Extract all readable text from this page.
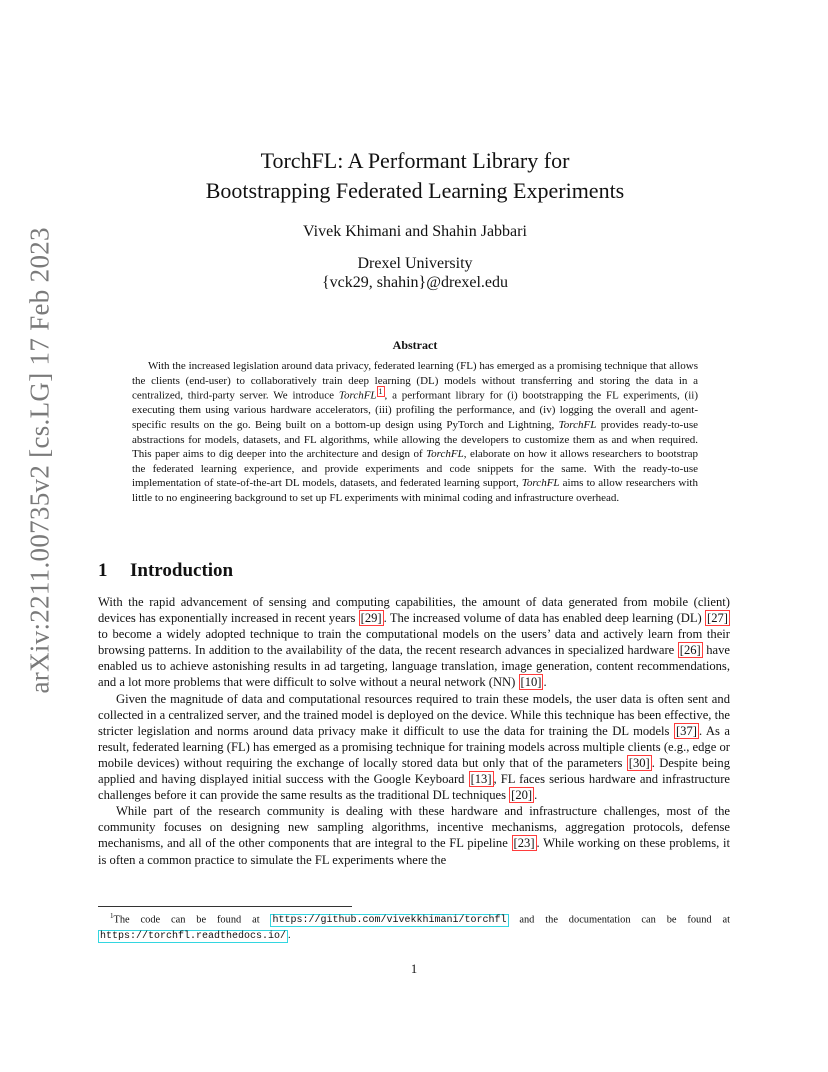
arXiv:2211.00735v2 [cs.LG] 17 Feb 2023
TorchFL: A Performant Library for
Bootstrapping Federated Learning Experiments
Vivek Khimani and Shahin Jabbari
Drexel University
{vck29, shahin}@drexel.edu
Abstract

With the increased legislation around data privacy, federated learning (FL) has emerged as a promising technique that allows the clients (end-user) to collaboratively train deep learning (DL) models without transferring and storing the data in a centralized, third-party server. We introduce TorchFL $^1$ , a performant library for (i) bootstrapping the FL experiments, (ii) executing them using various hardware accelerators, (iii) profiling the performance, and (iv) logging the overall and agent-specific results on the go. Being built on a bottom-up design using PyTorch and Lightning, TorchFL provides ready-to-use abstractions for models, datasets, and FL algorithms, while allowing the developers to customize them as and when required. This paper aims to dig deeper into the architecture and design of TorchFL, elaborate on how it allows researchers to bootstrap the federated learning experience, and provide experiments and code snippets for the same. With the ready-to-use implementation of state-of-the-art DL models, datasets, and federated learning support, TorchFL aims to allow researchers with little to no engineering background to set up FL experiments with minimal coding and infrastructure overhead.

1 Introduction

With the rapid advancement of sensing and computing capabilities, the amount of data generated from mobile (client) devices has exponentially increased in recent years [29] . The increased volume of data has enabled deep learning (DL) [27] to become a widely adopted technique to train the computational models on the users’ data and actively learn from their browsing patterns. In addition to the availability of the data, the recent research advances in specialized hardware [26] have enabled us to achieve astonishing results in ad targeting, language translation, image generation, content recommendations, and a lot more problems that were difficult to solve without a neural network (NN) [10] .

Given the magnitude of data and computational resources required to train these models, the user data is often sent and collected in a centralized server, and the trained model is deployed on the device. While this technique has been effective, the stricter legislation and norms around data privacy make it difficult to use the data for training the DL models [37] . As a result, federated learning (FL) has emerged as a promising technique for training models across multiple clients (e.g., edge or mobile devices) without requiring the exchange of locally stored data but only that of the parameters [30] . Despite being applied and having displayed initial success with the Google Keyboard [13] , FL faces serious hardware and infrastructure challenges before it can provide the same results as the traditional DL techniques [20] .

While part of the research community is dealing with these hardware and infrastructure challenges, most of the community focuses on designing new sampling algorithms, incentive mechanisms, aggregation protocols, defense mechanisms, and all of the other components that are integral to the FL pipeline [23] . While working on these problems, it is often a common practice to simulate the FL experiments where the

$^1$The code can be found at https://github.com/vivekkhimani/torchfl and the documentation can be found at https://torchfl.readthedocs.io/ .
1
